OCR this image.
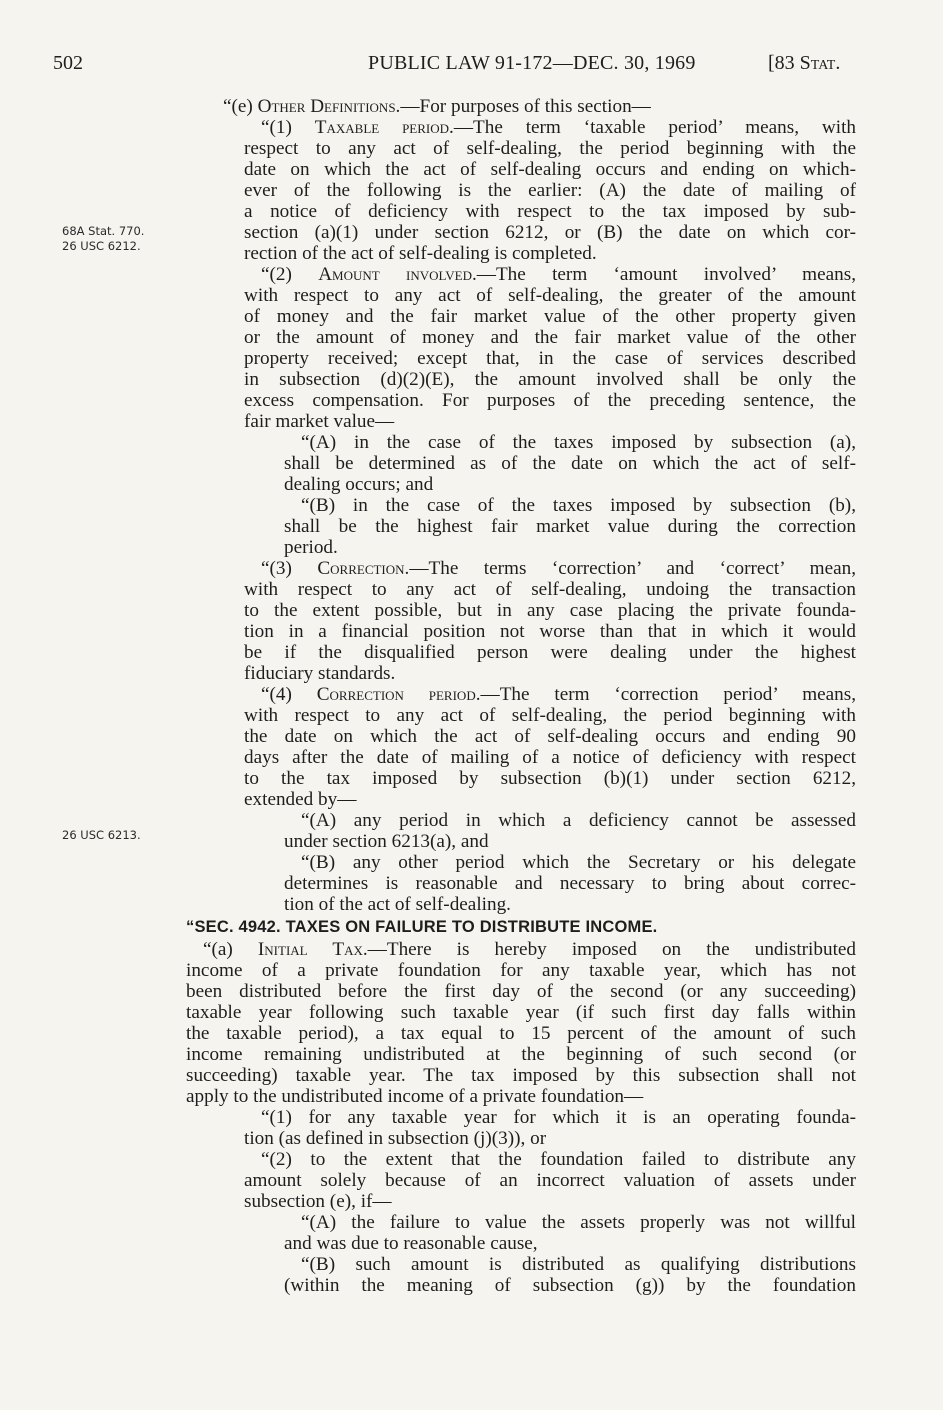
502	PUBLIC LAW 91-172—DEC. 30, 1969	[83 Stat.
68A Stat. 770.
26 USC 6212.
26 USC 6213.
“(e) Other Definitions.—For purposes of this section—
“(1) Taxable period.—The term ‘taxable period’ means, with
respect to any act of self-dealing, the period beginning with the
date on which the act of self-dealing occurs and ending on which-
ever of the following is the earlier: (A) the date of mailing of
a notice of deficiency with respect to the tax imposed by sub-
section (a)(1) under section 6212, or (B) the date on which cor-
rection of the act of self-dealing is completed.
“(2) Amount involved.—The term ‘amount involved’ means,
with respect to any act of self-dealing, the greater of the amount
of money and the fair market value of the other property given
or the amount of money and the fair market value of the other
property received; except that, in the case of services described
in subsection (d)(2)(E), the amount involved shall be only the
excess compensation. For purposes of the preceding sentence, the
fair market value—
“(A) in the case of the taxes imposed by subsection (a),
shall be determined as of the date on which the act of self-
dealing occurs; and
“(B) in the case of the taxes imposed by subsection (b),
shall be the highest fair market value during the correction
period.
“(3) Correction.—The terms ‘correction’ and ‘correct’ mean,
with respect to any act of self-dealing, undoing the transaction
to the extent possible, but in any case placing the private founda-
tion in a financial position not worse than that in which it would
be if the disqualified person were dealing under the highest
fiduciary standards.
“(4) Correction period.—The term ‘correction period’ means,
with respect to any act of self-dealing, the period beginning with
the date on which the act of self-dealing occurs and ending 90
days after the date of mailing of a notice of deficiency with respect
to the tax imposed by subsection (b)(1) under section 6212,
extended by—
“(A) any period in which a deficiency cannot be assessed
under section 6213(a), and
“(B) any other period which the Secretary or his delegate
determines is reasonable and necessary to bring about correc-
tion of the act of self-dealing.
“SEC. 4942. TAXES ON FAILURE TO DISTRIBUTE INCOME.
“(a) Initial Tax.—There is hereby imposed on the undistributed
income of a private foundation for any taxable year, which has not
been distributed before the first day of the second (or any succeeding)
taxable year following such taxable year (if such first day falls within
the taxable period), a tax equal to 15 percent of the amount of such
income remaining undistributed at the beginning of such second (or
succeeding) taxable year. The tax imposed by this subsection shall not
apply to the undistributed income of a private foundation—
“(1) for any taxable year for which it is an operating founda-
tion (as defined in subsection (j)(3)), or
“(2) to the extent that the foundation failed to distribute any
amount solely because of an incorrect valuation of assets under
subsection (e), if—
“(A) the failure to value the assets properly was not willful
and was due to reasonable cause,
“(B) such amount is distributed as qualifying distributions
(within the meaning of subsection (g)) by the foundation
